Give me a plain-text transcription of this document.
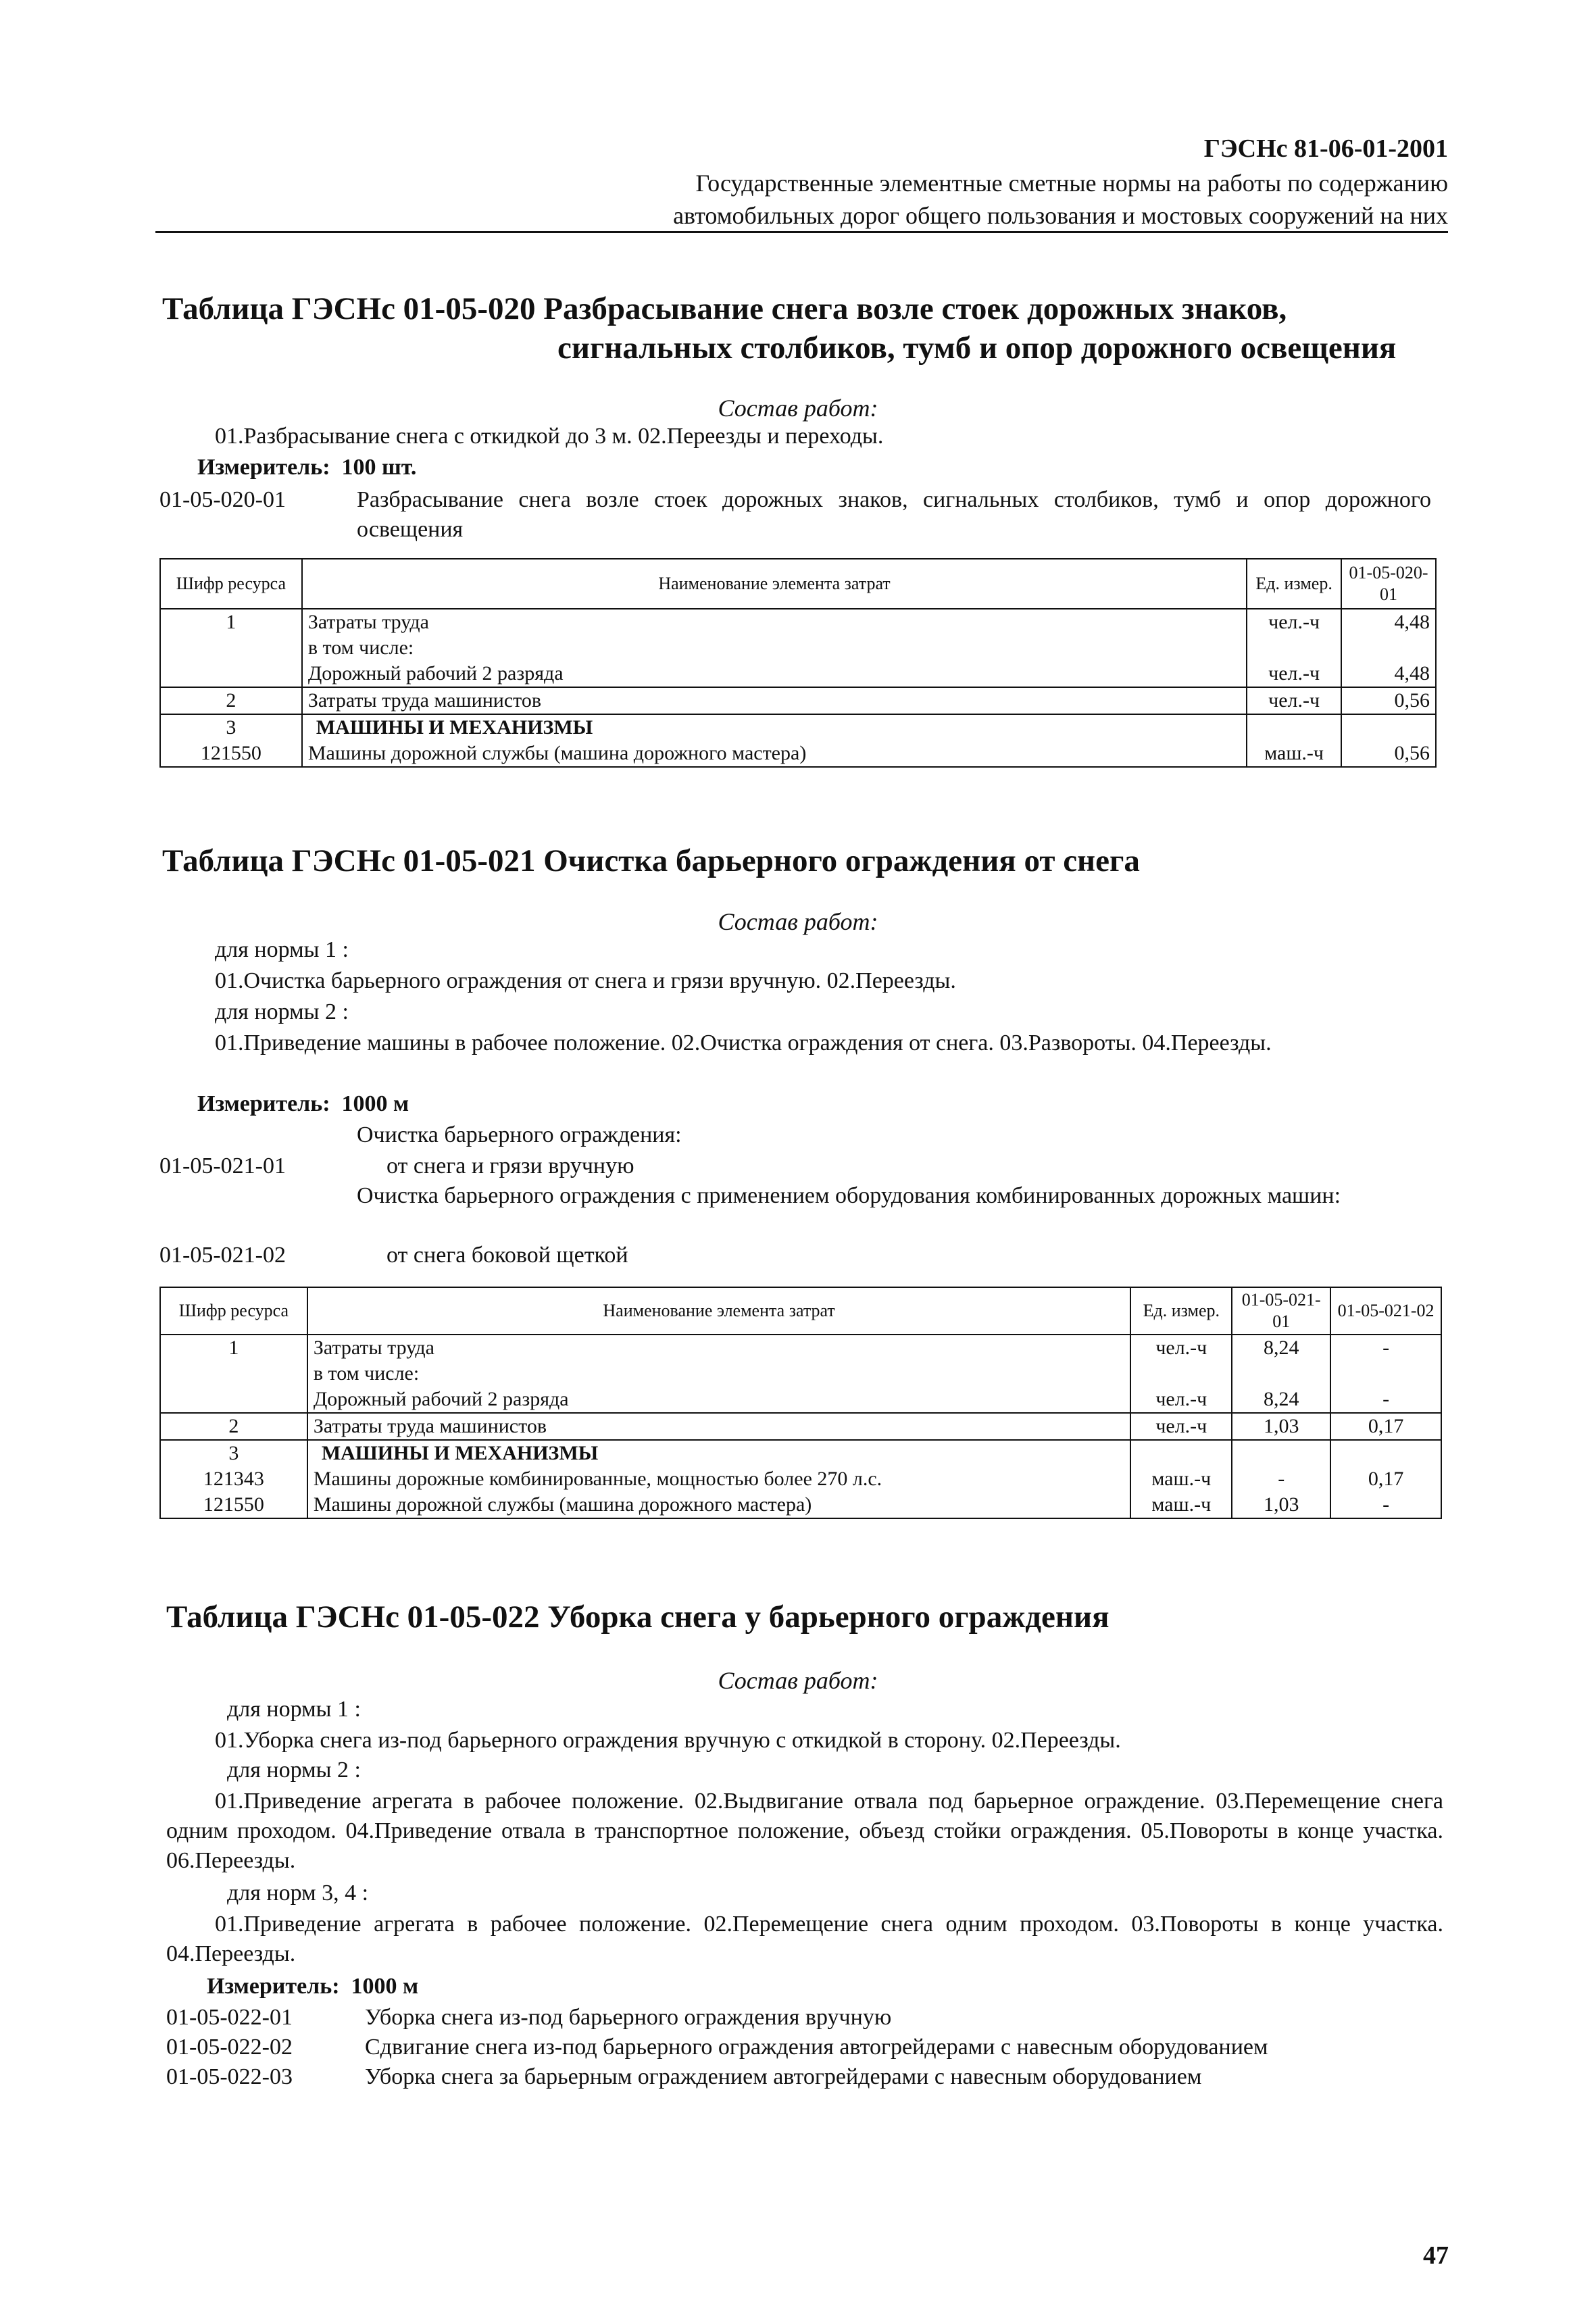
ГЭСНс 81-06-01-2001
Государственные элементные сметные нормы на работы по содержанию
автомобильных дорог общего пользования и мостовых сооружений на них
Таблица ГЭСНс 01-05-020 Разбрасывание снега возле стоек дорожных знаков,
сигнальных столбиков, тумб и опор дорожного освещения
Состав работ:
01.Разбрасывание снега с откидкой до 3 м. 02.Переезды и переходы.
Измеритель: 100 шт.
01-05-020-01	Разбрасывание снега возле стоек дорожных знаков, сигнальных столбиков, тумб и опор дорожного освещения
Шифр ресурса	Наименование элемента затрат	Ед. измер.	01-05-020-01
1	Затраты труда	чел.-ч	4,48
	в том числе:		
	Дорожный рабочий 2 разряда	чел.-ч	4,48
2	Затраты труда машинистов	чел.-ч	0,56
3	МАШИНЫ И МЕХАНИЗМЫ		
121550	Машины дорожной службы (машина дорожного мастера)	маш.-ч	0,56
Таблица ГЭСНс 01-05-021 Очистка барьерного ограждения от снега
Состав работ:
для нормы 1 :
01.Очистка барьерного ограждения от снега и грязи вручную. 02.Переезды.
для нормы 2 :
01.Приведение машины в рабочее положение. 02.Очистка ограждения от снега. 03.Развороты. 04.Переезды.
Измеритель: 1000 м
Очистка барьерного ограждения:
01-05-021-01	от снега и грязи вручную
Очистка барьерного ограждения с применением оборудования комбинированных дорожных машин:
01-05-021-02	от снега боковой щеткой
Шифр ресурса	Наименование элемента затрат	Ед. измер.	01-05-021-01	01-05-021-02
1	Затраты труда	чел.-ч	8,24	-
	в том числе:			
	Дорожный рабочий 2 разряда	чел.-ч	8,24	-
2	Затраты труда машинистов	чел.-ч	1,03	0,17
3	МАШИНЫ И МЕХАНИЗМЫ			
121343	Машины дорожные комбинированные, мощностью более 270 л.с.	маш.-ч	-	0,17
121550	Машины дорожной службы (машина дорожного мастера)	маш.-ч	1,03	-
Таблица ГЭСНс 01-05-022 Уборка снега у барьерного ограждения
Состав работ:
для нормы 1 :
01.Уборка снега из-под барьерного ограждения вручную с откидкой в сторону. 02.Переезды.
для нормы 2 :
01.Приведение агрегата в рабочее положение. 02.Выдвигание отвала под барьерное ограждение. 03.Перемещение снега одним проходом. 04.Приведение отвала в транспортное положение, объезд стойки ограждения. 05.Повороты в конце участка. 06.Переезды.
для норм 3, 4 :
01.Приведение агрегата в рабочее положение. 02.Перемещение снега одним проходом. 03.Повороты в конце участка. 04.Переезды.
Измеритель: 1000 м
01-05-022-01	Уборка снега из-под барьерного ограждения вручную
01-05-022-02	Сдвигание снега из-под барьерного ограждения автогрейдерами с навесным оборудованием
01-05-022-03	Уборка снега за барьерным ограждением автогрейдерами с навесным оборудованием
47
